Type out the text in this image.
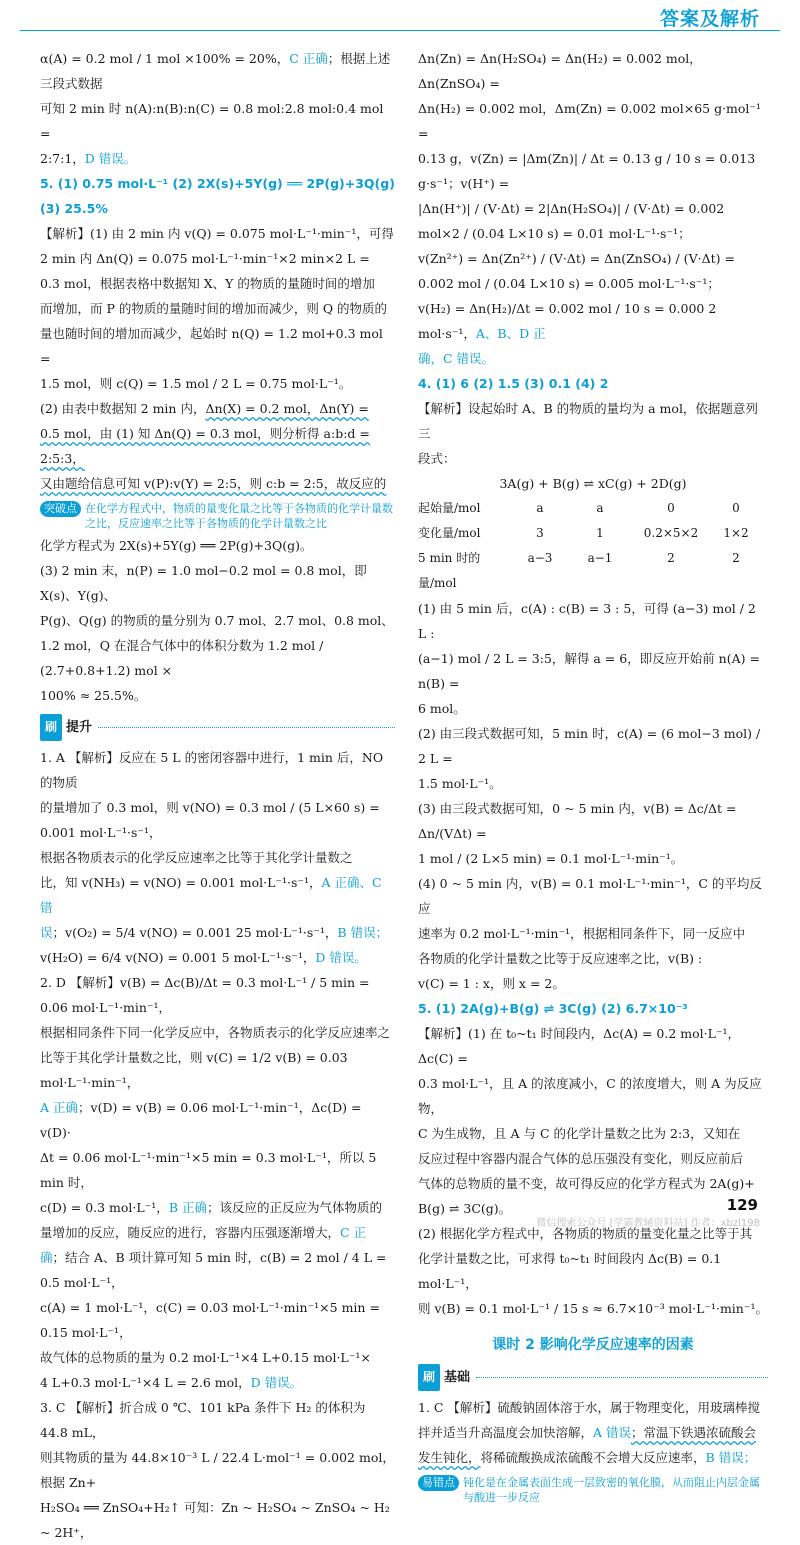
答案及解析

α(A) = 0.2 mol / 1 mol ×100% = 20%，C 正确；根据上述三段式数据

可知 2 min 时 n(A):n(B):n(C) = 0.8 mol:2.8 mol:0.4 mol =

2:7:1，D 错误。

5. (1) 0.75 mol·L⁻¹ (2) 2X(s)+5Y(g) ══ 2P(g)+3Q(g)

(3) 25.5%

【解析】(1) 由 2 min 内 v(Q) = 0.075 mol·L⁻¹·min⁻¹，可得

2 min 内 Δn(Q) = 0.075 mol·L⁻¹·min⁻¹×2 min×2 L =

0.3 mol，根据表格中数据知 X、Y 的物质的量随时间的增加

而增加，而 P 的物质的量随时间的增加而减少，则 Q 的物质的

量也随时间的增加而减少，起始时 n(Q) = 1.2 mol+0.3 mol =

1.5 mol，则 c(Q) = 1.5 mol / 2 L = 0.75 mol·L⁻¹。

(2) 由表中数据知 2 min 内，Δn(X) = 0.2 mol，Δn(Y) =

0.5 mol，由 (1) 知 Δn(Q) = 0.3 mol，则分析得 a:b:d = 2:5:3，

又由题给信息可知 v(P):v(Y) = 2:5，则 c:b = 2:5，故反应的

突破点 在化学方程式中，物质的量变化量之比等于各物质的化学计量数之比，反应速率之比等于各物质的化学计量数之比

化学方程式为 2X(s)+5Y(g) ══ 2P(g)+3Q(g)。

(3) 2 min 末，n(P) = 1.0 mol−0.2 mol = 0.8 mol，即 X(s)、Y(g)、

P(g)、Q(g) 的物质的量分别为 0.7 mol、2.7 mol、0.8 mol、

1.2 mol，Q 在混合气体中的体积分数为 1.2 mol / (2.7+0.8+1.2) mol ×

100% ≈ 25.5%。

刷 提升

1. A 【解析】反应在 5 L 的密闭容器中进行，1 min 后，NO 的物质

的量增加了 0.3 mol，则 v(NO) = 0.3 mol / (5 L×60 s) = 0.001 mol·L⁻¹·s⁻¹，

根据各物质表示的化学反应速率之比等于其化学计量数之

比，知 v(NH₃) = v(NO) = 0.001 mol·L⁻¹·s⁻¹，A 正确、C 错

误；v(O₂) = 5/4 v(NO) = 0.001 25 mol·L⁻¹·s⁻¹，B 错误；

v(H₂O) = 6/4 v(NO) = 0.001 5 mol·L⁻¹·s⁻¹，D 错误。

2. D 【解析】v(B) = Δc(B)/Δt = 0.3 mol·L⁻¹ / 5 min = 0.06 mol·L⁻¹·min⁻¹，

根据相同条件下同一化学反应中，各物质表示的化学反应速率之

比等于其化学计量数之比，则 v(C) = 1/2 v(B) = 0.03 mol·L⁻¹·min⁻¹，

A 正确；v(D) = v(B) = 0.06 mol·L⁻¹·min⁻¹，Δc(D) = v(D)·

Δt = 0.06 mol·L⁻¹·min⁻¹×5 min = 0.3 mol·L⁻¹，所以 5 min 时，

c(D) = 0.3 mol·L⁻¹，B 正确；该反应的正反应为气体物质的

量增加的反应，随反应的进行，容器内压强逐渐增大，C 正

确；结合 A、B 项计算可知 5 min 时，c(B) = 2 mol / 4 L = 0.5 mol·L⁻¹，

c(A) = 1 mol·L⁻¹，c(C) = 0.03 mol·L⁻¹·min⁻¹×5 min = 0.15 mol·L⁻¹，

故气体的总物质的量为 0.2 mol·L⁻¹×4 L+0.15 mol·L⁻¹×

4 L+0.3 mol·L⁻¹×4 L = 2.6 mol，D 错误。

3. C 【解析】折合成 0 ℃、101 kPa 条件下 H₂ 的体积为 44.8 mL，

则其物质的量为 44.8×10⁻³ L / 22.4 L·mol⁻¹ = 0.002 mol，根据 Zn+

H₂SO₄ ══ ZnSO₄+H₂↑ 可知：Zn ~ H₂SO₄ ~ ZnSO₄ ~ H₂ ~ 2H⁺，

Δn(Zn) = Δn(H₂SO₄) = Δn(H₂) = 0.002 mol，Δn(ZnSO₄) =

Δn(H₂) = 0.002 mol，Δm(Zn) = 0.002 mol×65 g·mol⁻¹ =

0.13 g，v(Zn) = |Δm(Zn)| / Δt = 0.13 g / 10 s = 0.013 g·s⁻¹；v(H⁺) =

|Δn(H⁺)| / (V·Δt) = 2|Δn(H₂SO₄)| / (V·Δt) = 0.002 mol×2 / (0.04 L×10 s) = 0.01 mol·L⁻¹·s⁻¹；

v(Zn²⁺) = Δn(Zn²⁺) / (V·Δt) = Δn(ZnSO₄) / (V·Δt) = 0.002 mol / (0.04 L×10 s) = 0.005 mol·L⁻¹·s⁻¹；

v(H₂) = Δn(H₂)/Δt = 0.002 mol / 10 s = 0.000 2 mol·s⁻¹，A、B、D 正

确，C 错误。

4. (1) 6 (2) 1.5 (3) 0.1 (4) 2

【解析】设起始时 A、B 的物质的量均为 a mol，依据题意列三

段式：

3A(g) + B(g) ⇌ xC(g) + 2D(g)

起始量/mol	a	a	0	0
变化量/mol	3	1	0.2×5×2	1×2
5 min 时的量/mol
a−3	a−1	2	2

(1) 由 5 min 后，c(A) : c(B) = 3 : 5，可得 (a−3) mol / 2 L :

(a−1) mol / 2 L = 3:5，解得 a = 6，即反应开始前 n(A) = n(B) =

6 mol。

(2) 由三段式数据可知，5 min 时，c(A) = (6 mol−3 mol) / 2 L =

1.5 mol·L⁻¹。

(3) 由三段式数据可知，0 ~ 5 min 内，v(B) = Δc/Δt = Δn/(VΔt) =

1 mol / (2 L×5 min) = 0.1 mol·L⁻¹·min⁻¹。

(4) 0 ~ 5 min 内，v(B) = 0.1 mol·L⁻¹·min⁻¹，C 的平均反应

速率为 0.2 mol·L⁻¹·min⁻¹，根据相同条件下，同一反应中

各物质的化学计量数之比等于反应速率之比，v(B) :

v(C) = 1 : x，则 x = 2。

5. (1) 2A(g)+B(g) ⇌ 3C(g) (2) 6.7×10⁻³

【解析】(1) 在 t₀~t₁ 时间段内，Δc(A) = 0.2 mol·L⁻¹，Δc(C) =

0.3 mol·L⁻¹，且 A 的浓度减小，C 的浓度增大，则 A 为反应物，

C 为生成物，且 A 与 C 的化学计量数之比为 2:3，又知在

反应过程中容器内混合气体的总压强没有变化，则反应前后

气体的总物质的量不变，故可得反应的化学方程式为 2A(g)+

B(g) ⇌ 3C(g)。

(2) 根据化学方程式中，各物质的物质的量变化量之比等于其

化学计量数之比，可求得 t₀~t₁ 时间段内 Δc(B) = 0.1 mol·L⁻¹，

则 v(B) = 0.1 mol·L⁻¹ / 15 s ≈ 6.7×10⁻³ mol·L⁻¹·min⁻¹。

课时 2 影响化学反应速率的因素
刷 基础

1. C 【解析】硫酸钠固体溶于水，属于物理变化，用玻璃棒搅

拌并适当升高温度会加快溶解，A 错误；常温下铁遇浓硫酸会

发生钝化，将稀硫酸换成浓硫酸不会增大反应速率，B 错误；

易错点 钝化是在金属表面生成一层致密的氧化膜，从而阻止内层金属与酸进一步反应
129
微信搜索公众号 [学霸教辅资料站] 作者：xbzl198
